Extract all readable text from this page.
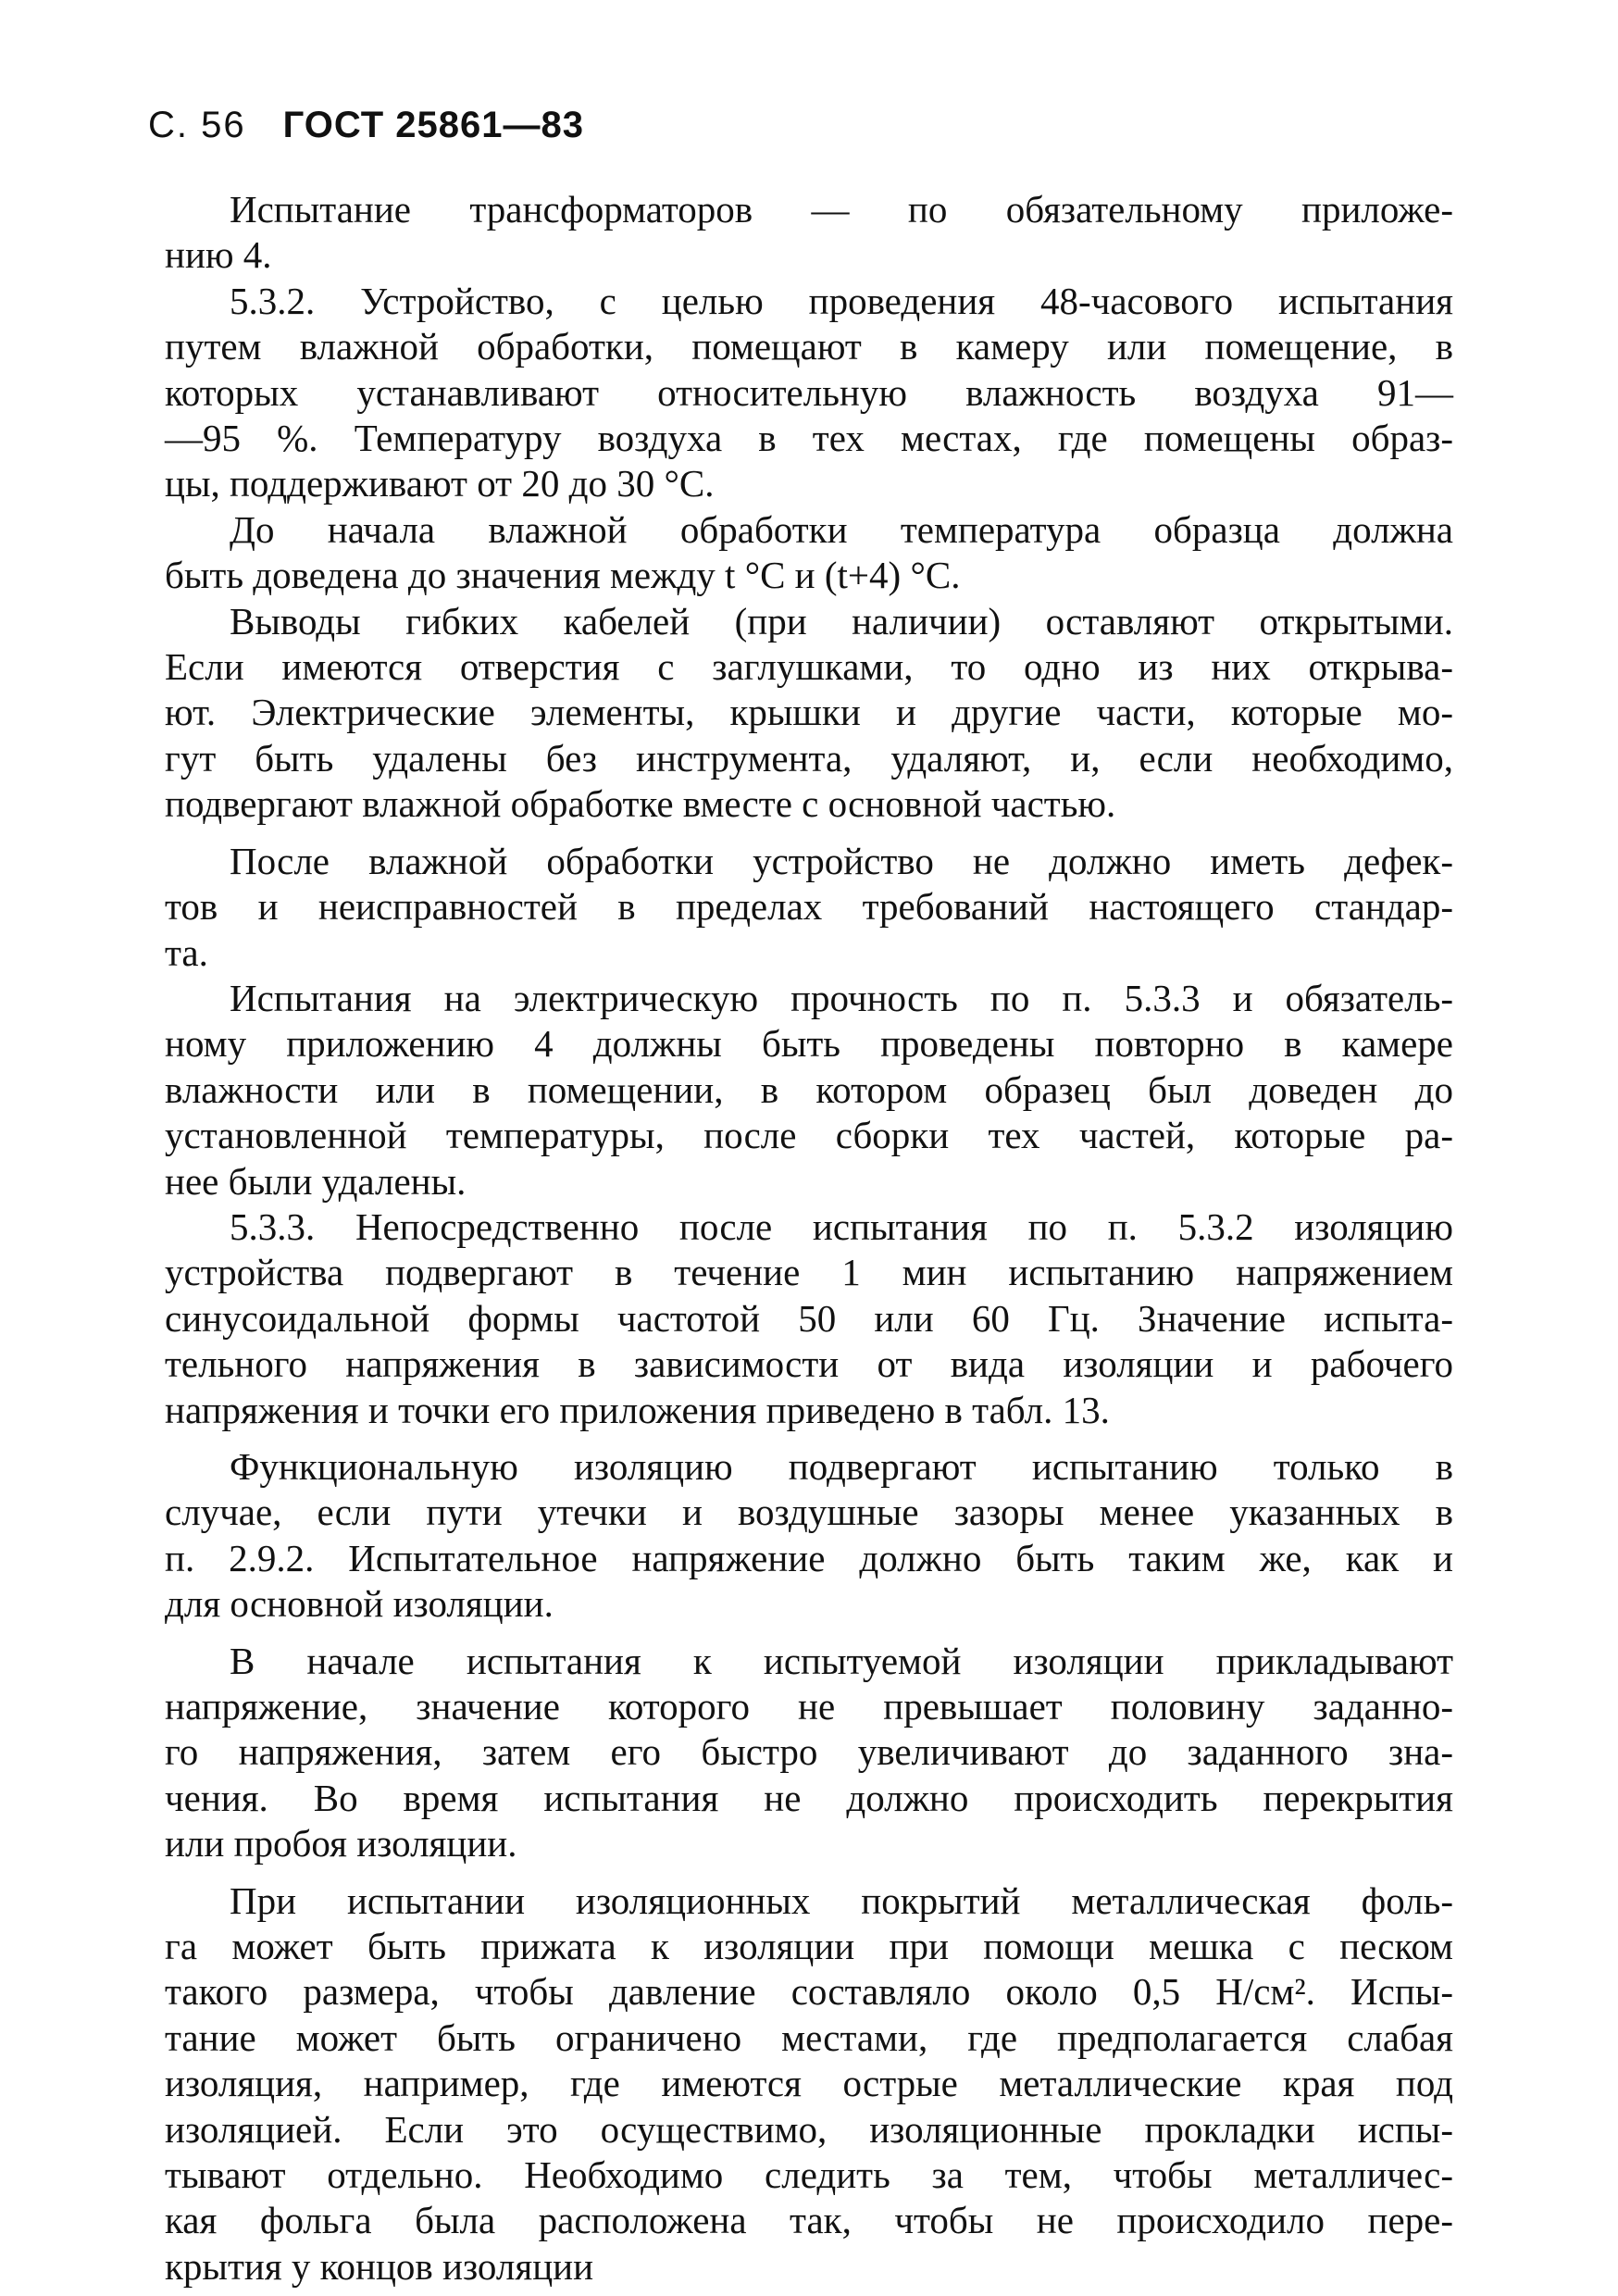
С. 56 ГОСТ 25861—83
Испытание трансформаторов — по обязательному приложе-
нию 4.
5.3.2. Устройство, с целью проведения 48-часового испытания
путем влажной обработки, помещают в камеру или помещение, в
которых устанавливают относительную влажность воздуха 91—
—95 %. Температуру воздуха в тех местах, где помещены образ-
цы, поддерживают от 20 до 30 °С.
До начала влажной обработки температура образца должна
быть доведена до значения между t °С и (t+4) °С.
Выводы гибких кабелей (при наличии) оставляют открытыми.
Если имеются отверстия с заглушками, то одно из них открыва-
ют. Электрические элементы, крышки и другие части, которые мо-
гут быть удалены без инструмента, удаляют, и, если необходимо,
подвергают влажной обработке вместе с основной частью.
После влажной обработки устройство не должно иметь дефек-
тов и неисправностей в пределах требований настоящего стандар-
та.
Испытания на электрическую прочность по п. 5.3.3 и обязатель-
ному приложению 4 должны быть проведены повторно в камере
влажности или в помещении, в котором образец был доведен до
установленной температуры, после сборки тех частей, которые ра-
нее были удалены.
5.3.3. Непосредственно после испытания по п. 5.3.2 изоляцию
устройства подвергают в течение 1 мин испытанию напряжением
синусоидальной формы частотой 50 или 60 Гц. Значение испыта-
тельного напряжения в зависимости от вида изоляции и рабочего
напряжения и точки его приложения приведено в табл. 13.
Функциональную изоляцию подвергают испытанию только в
случае, если пути утечки и воздушные зазоры менее указанных в
п. 2.9.2. Испытательное напряжение должно быть таким же, как и
для основной изоляции.
В начале испытания к испытуемой изоляции прикладывают
напряжение, значение которого не превышает половину заданно-
го напряжения, затем его быстро увеличивают до заданного зна-
чения. Во время испытания не должно происходить перекрытия
или пробоя изоляции.
При испытании изоляционных покрытий металлическая фоль-
га может быть прижата к изоляции при помощи мешка с песком
такого размера, чтобы давление составляло около 0,5 Н/см². Испы-
тание может быть ограничено местами, где предполагается слабая
изоляция, например, где имеются острые металлические края под
изоляцией. Если это осуществимо, изоляционные прокладки испы-
тывают отдельно. Необходимо следить за тем, чтобы металличес-
кая фольга была расположена так, чтобы не происходило пере-
крытия у концов изоляции
